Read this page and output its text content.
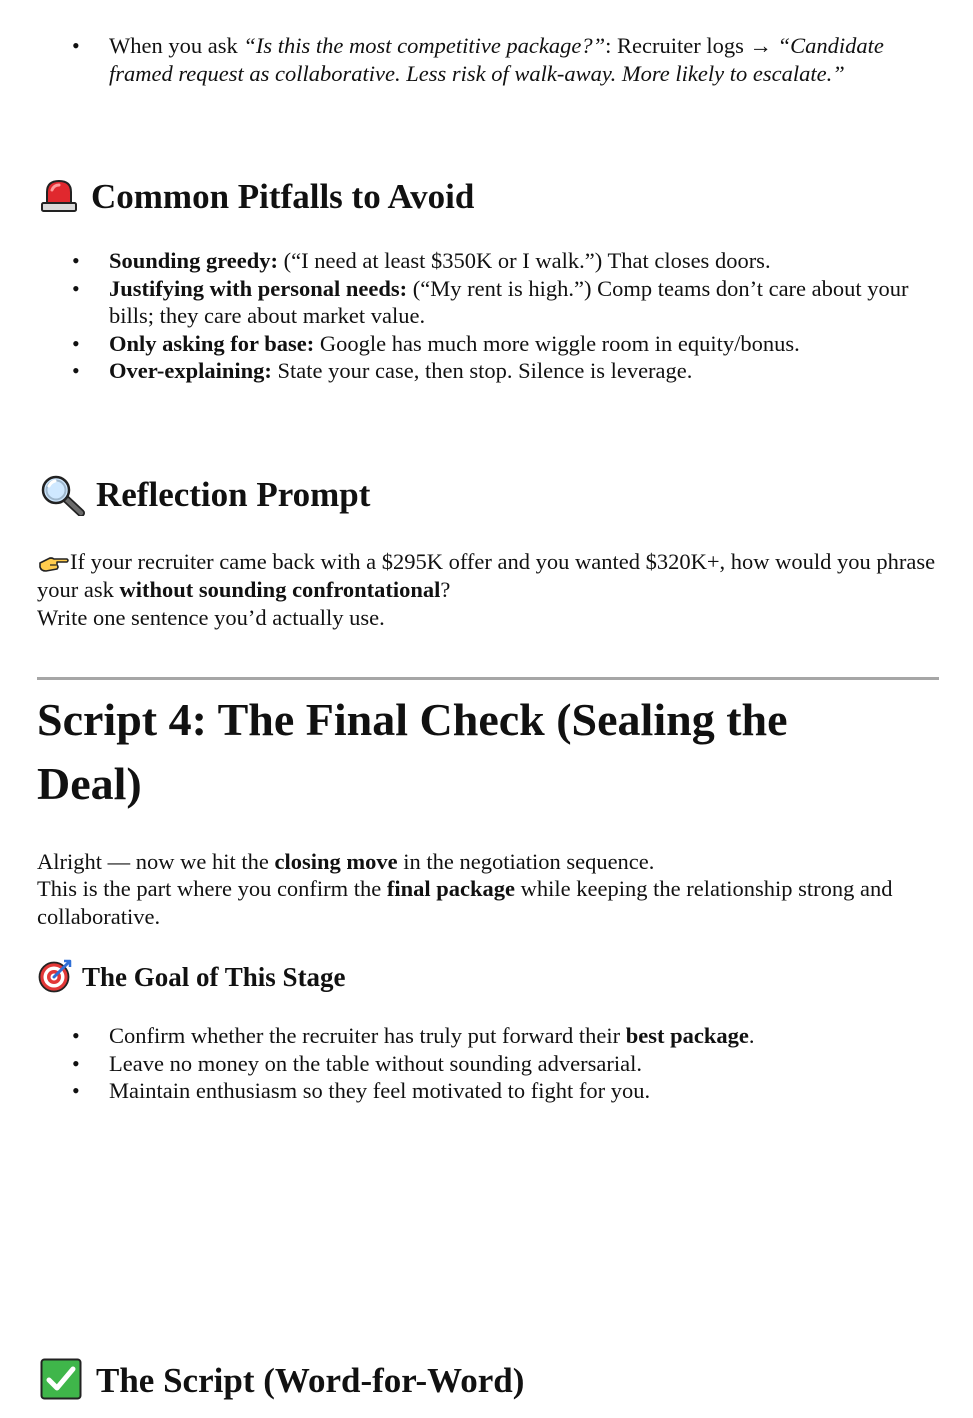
• When you ask “Is this the most competitive package?”: Recruiter logs → “Candidate framed request as collaborative. Less risk of walk-away. More likely to escalate.”
Common Pitfalls to Avoid
• Sounding greedy: (“I need at least $350K or I walk.”) That closes doors.
• Justifying with personal needs: (“My rent is high.”) Comp teams don’t care about your bills; they care about market value.
• Only asking for base: Google has much more wiggle room in equity/bonus.
• Over-explaining: State your case, then stop. Silence is leverage.
Reflection Prompt
If your recruiter came back with a $295K offer and you wanted $320K+, how would you phrase your ask without sounding confrontational?
Write one sentence you’d actually use.
Script 4: The Final Check (Sealing the Deal)
Alright — now we hit the closing move in the negotiation sequence.
This is the part where you confirm the final package while keeping the relationship strong and collaborative.
The Goal of This Stage
• Confirm whether the recruiter has truly put forward their best package.
• Leave no money on the table without sounding adversarial.
• Maintain enthusiasm so they feel motivated to fight for you.
The Script (Word-for-Word)
